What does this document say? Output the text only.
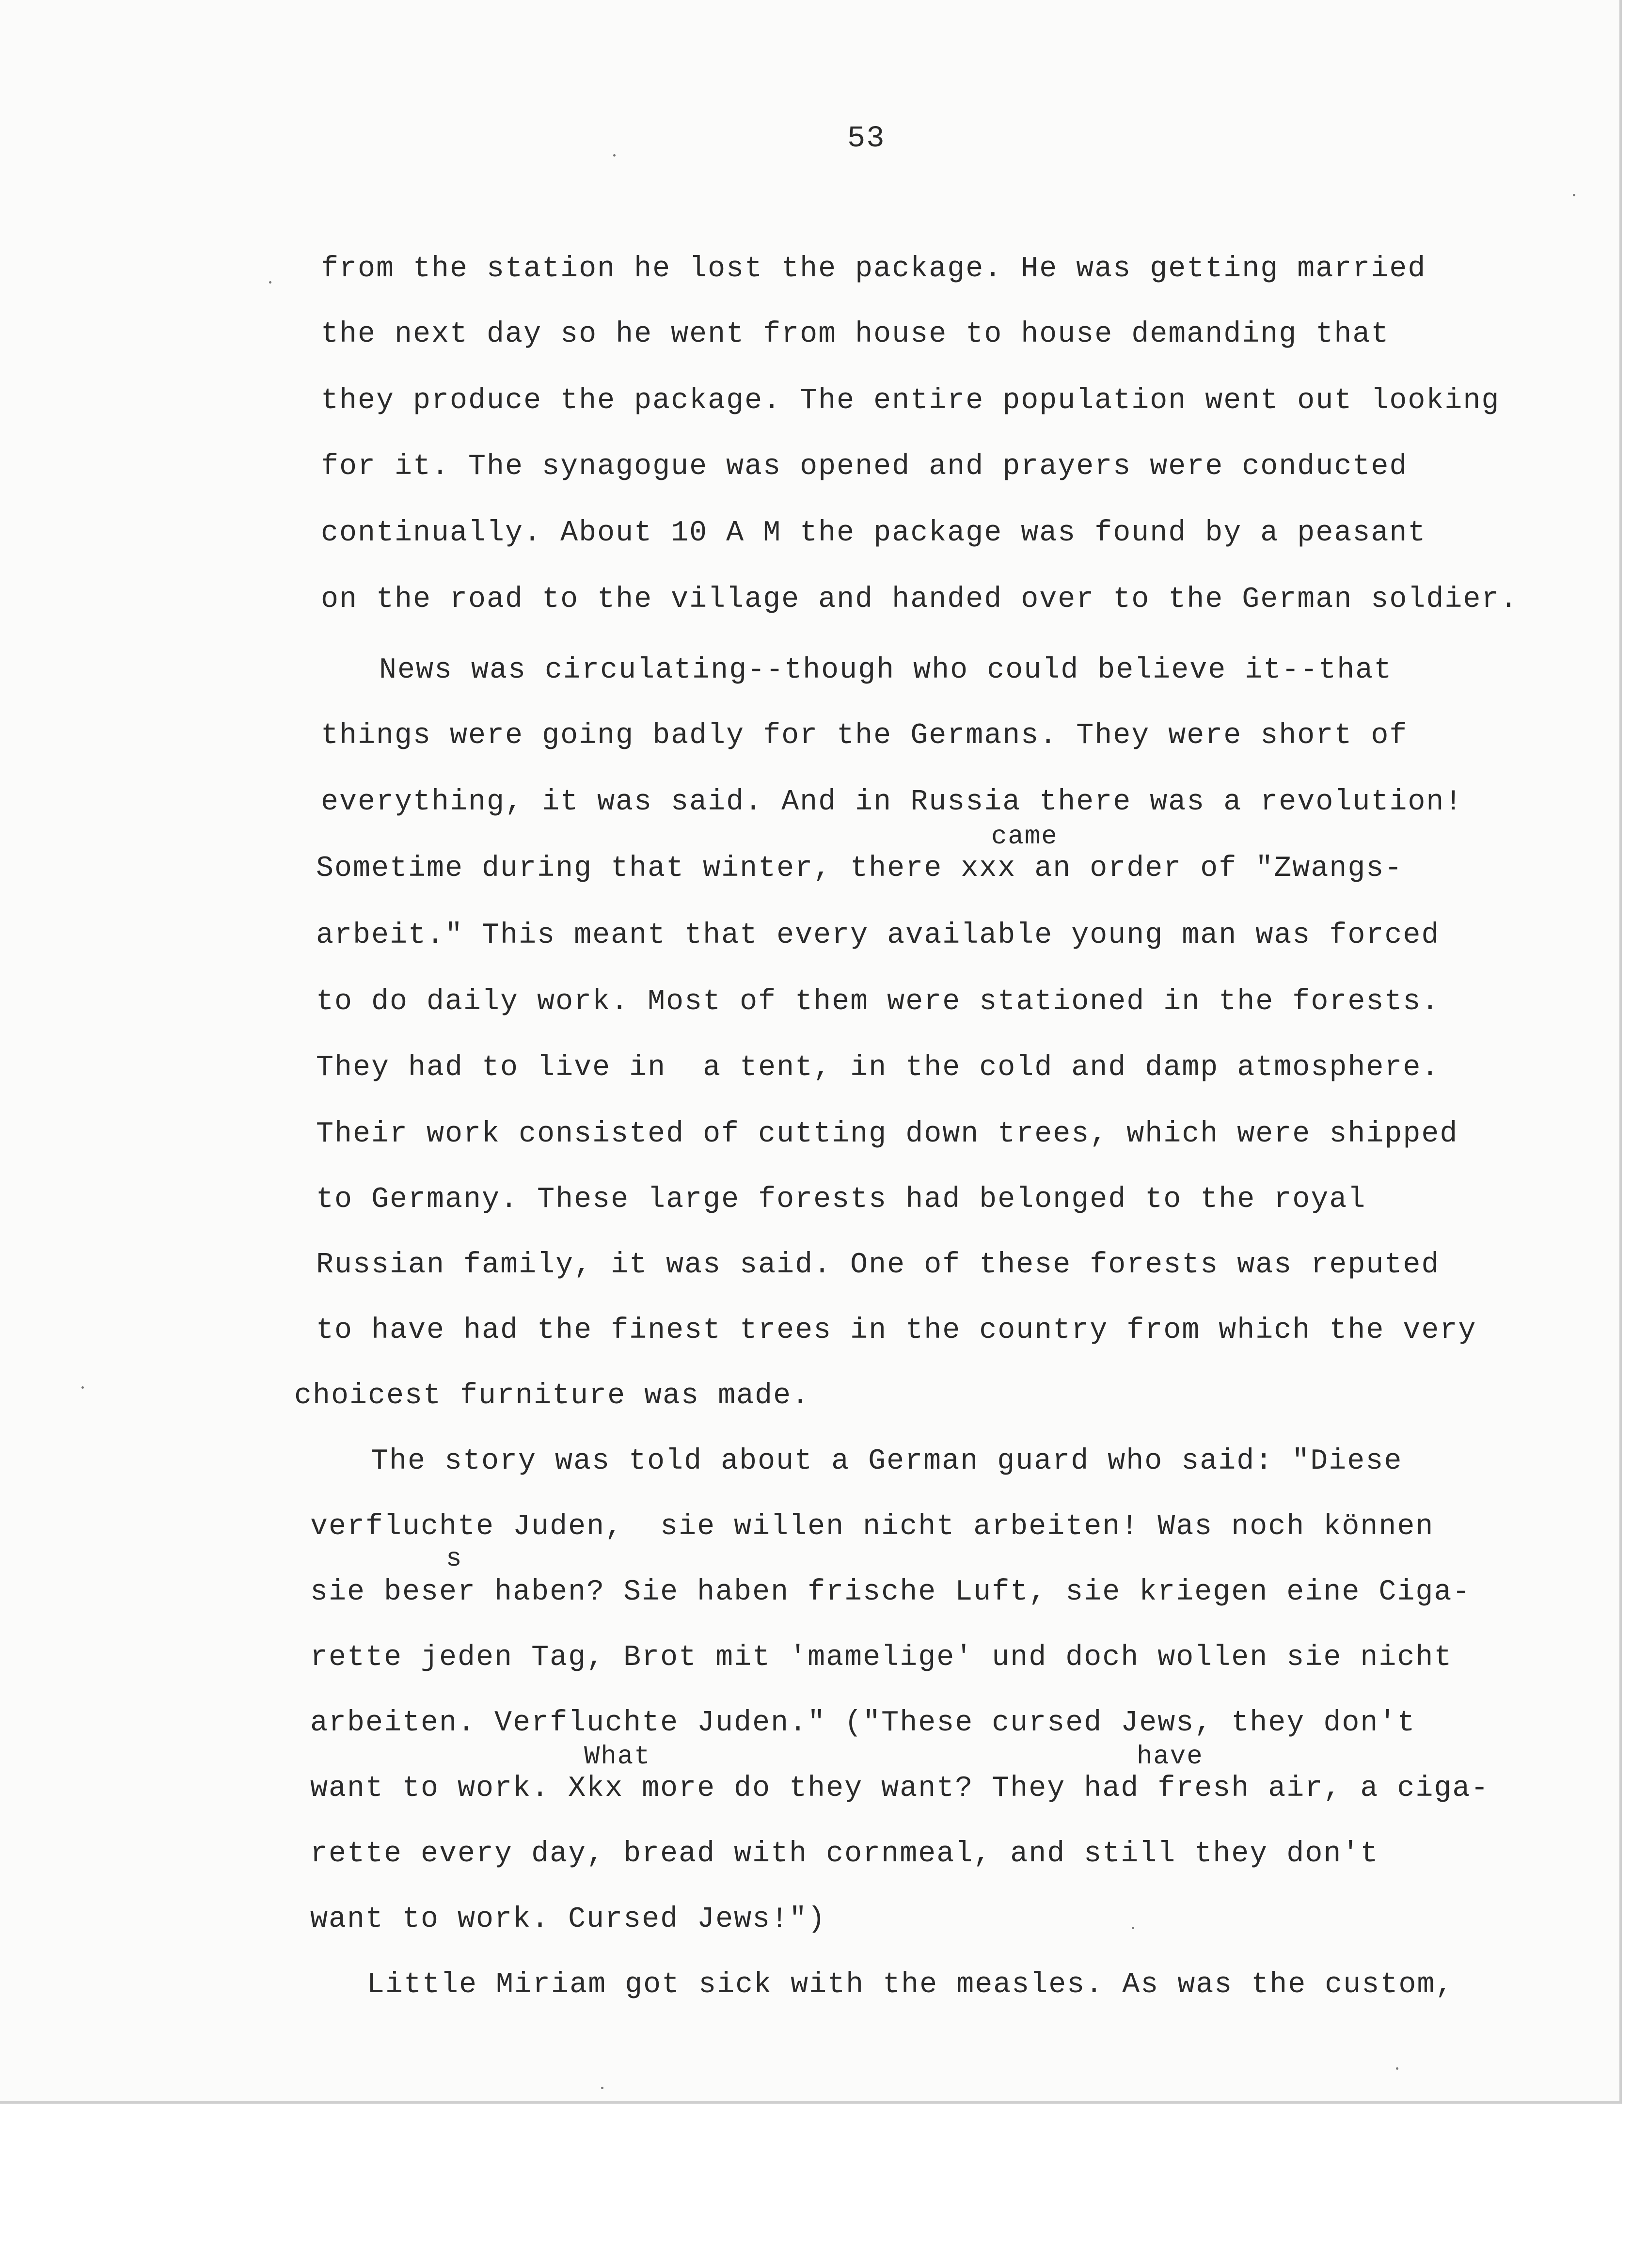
53
from the station he lost the package. He was getting married
the next day so he went from house to house demanding that
they produce the package. The entire population went out looking
for it. The synagogue was opened and prayers were conducted
continually. About 10 A M the package was found by a peasant
on the road to the village and handed over to the German soldier.
News was circulating--though who could believe it--that
things were going badly for the Germans. They were short of
everything, it was said. And in Russia there was a revolution!
came
Sometime during that winter, there xxx an order of "Zwangs-
arbeit." This meant that every available young man was forced
to do daily work. Most of them were stationed in the forests.
They had to live in  a tent, in the cold and damp atmosphere.
Their work consisted of cutting down trees, which were shipped
to Germany. These large forests had belonged to the royal
Russian family, it was said. One of these forests was reputed
to have had the finest trees in the country from which the very
choicest furniture was made.
The story was told about a German guard who said: "Diese
verfluchte Juden,  sie willen nicht arbeiten! Was noch können
s
sie beser haben? Sie haben frische Luft, sie kriegen eine Ciga-
rette jeden Tag, Brot mit 'mamelige' und doch wollen sie nicht
arbeiten. Verfluchte Juden." ("These cursed Jews, they don't
What	have
want to work. Xkx more do they want? They had fresh air, a ciga-
rette every day, bread with cornmeal, and still they don't
want to work. Cursed Jews!")
Little Miriam got sick with the measles. As was the custom,
